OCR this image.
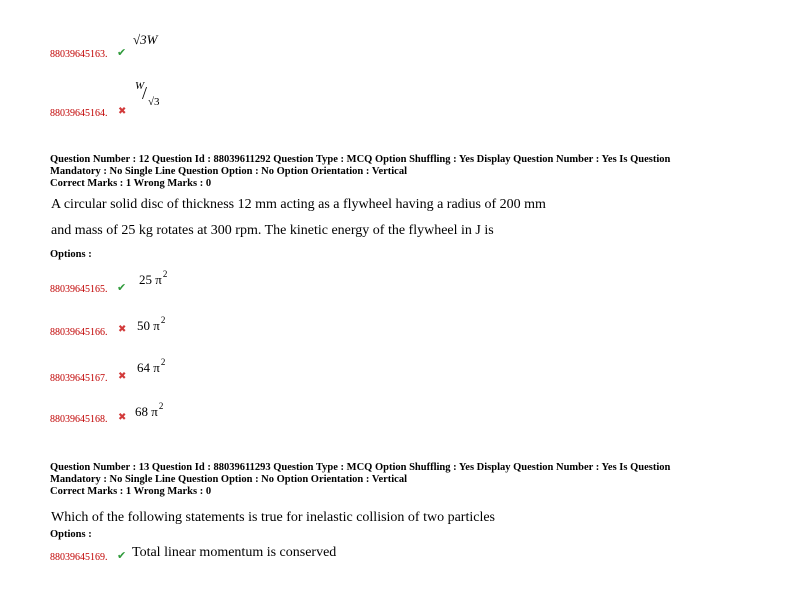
88039645163. ✔
√3W
88039645164. ✖
W
/ √3
Question Number : 12 Question Id : 88039611292 Question Type : MCQ Option Shuffling : Yes Display Question Number : Yes Is Question
Mandatory : No Single Line Question Option : No Option Orientation : Vertical
Correct Marks : 1 Wrong Marks : 0
A circular solid disc of thickness 12 mm acting as a flywheel having a radius of 200 mm
and mass of 25 kg rotates at 300 rpm. The kinetic energy of the flywheel in J is
Options :
88039645165. ✔
25 $\pi^2$
88039645166. ✖ 50 $\pi^2$
88039645167. ✖
64 $\pi^2$
88039645168. ✖ 68 $\pi^2$
Question Number : 13 Question Id : 88039611293 Question Type : MCQ Option Shuffling : Yes Display Question Number : Yes Is Question
Mandatory : No Single Line Question Option : No Option Orientation : Vertical
Correct Marks : 1 Wrong Marks : 0
Which of the following statements is true for inelastic collision of two particles
Options :
88039645169. ✔ Total linear momentum is conserved
